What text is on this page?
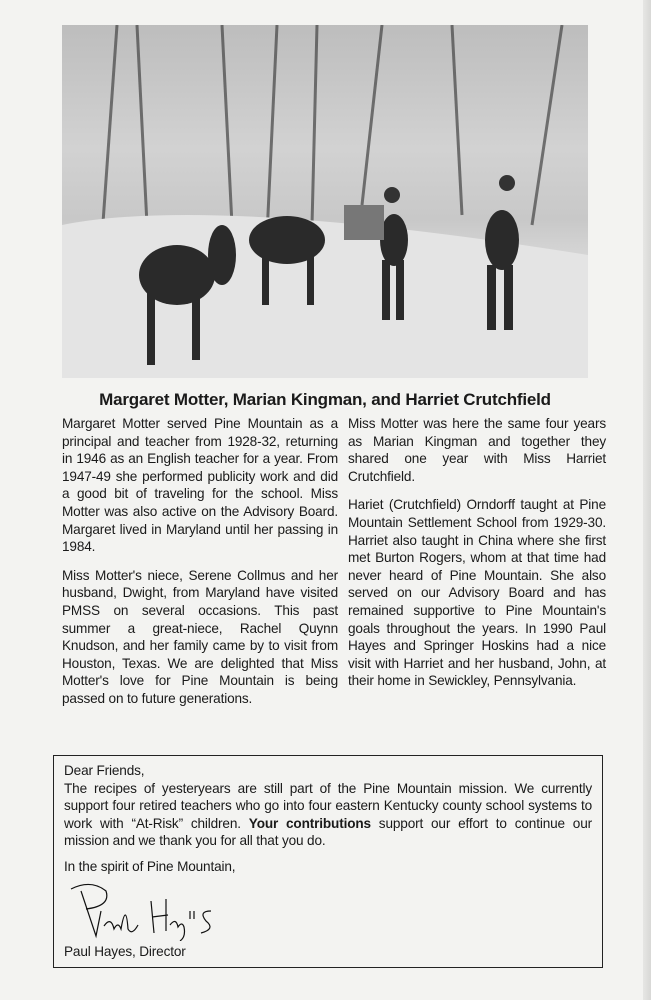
Margaret Motter, Marian Kingman, and Harriet Crutchfield

Margaret Motter served Pine Mountain as a principal and teacher from 1928-32, returning in 1946 as an English teacher for a year. From 1947-49 she performed publicity work and did a good bit of traveling for the school. Miss Motter was also active on the Advisory Board. Margaret lived in Maryland until her passing in 1984.

Miss Motter's niece, Serene Collmus and her husband, Dwight, from Maryland have visited PMSS on several occasions. This past summer a great-niece, Rachel Quynn Knudson, and her family came by to visit from Houston, Texas. We are delighted that Miss Motter's love for Pine Mountain is being passed on to future generations.

Miss Motter was here the same four years as Marian Kingman and together they shared one year with Miss Harriet Crutchfield.

Hariet (Crutchfield) Orndorff taught at Pine Mountain Settlement School from 1929-30. Harriet also taught in China where she first met Burton Rogers, whom at that time had never heard of Pine Mountain. She also served on our Advisory Board and has remained supportive to Pine Mountain's goals throughout the years. In 1990 Paul Hayes and Springer Hoskins had a nice visit with Harriet and her husband, John, at their home in Sewickley, Pennsylvania.

Dear Friends,

The recipes of yesteryears are still part of the Pine Mountain mission. We currently support four retired teachers who go into four eastern Kentucky county school systems to work with “At-Risk” children. Your contributions support our effort to continue our mission and we thank you for all that you do.

In the spirit of Pine Mountain,

Paul Hayes, Director
